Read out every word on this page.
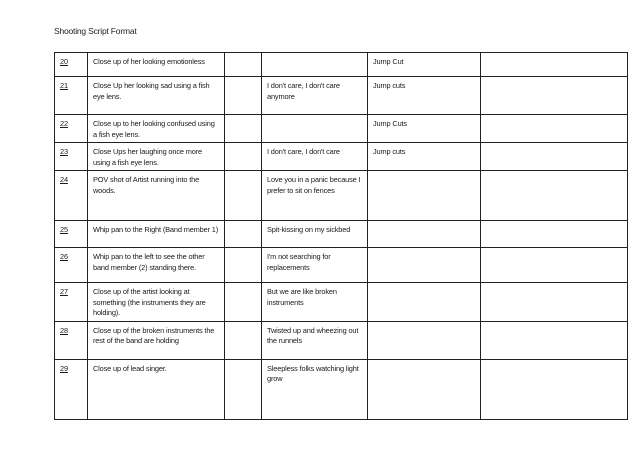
Shooting Script Format
20	Close up of her looking emotionless			Jump Cut	
21	Close Up her looking sad using a fish eye lens.		I don't care, I don't care anymore	Jump cuts	
22	Close up to her looking confused using a fish eye lens.			Jump Cuts	
23	Close Ups her laughing once more using a fish eye lens.		I don't care, I don't care	Jump cuts	
24	POV shot of Artist running into the woods.		Love you in a panic because I prefer to sit on fences		
25	Whip pan to the Right (Band member 1)		Spit-kissing on my sickbed		
26	Whip pan to the left to see the other band member (2) standing there.		I'm not searching for replacements		
27	Close up of the artist looking at something (the instruments they are holding).		But we are like broken instruments		
28	Close up of the broken instruments the rest of the band are holding		Twisted up and wheezing out the runnels		
29	Close up of lead singer.		Sleepless folks watching light grow		
